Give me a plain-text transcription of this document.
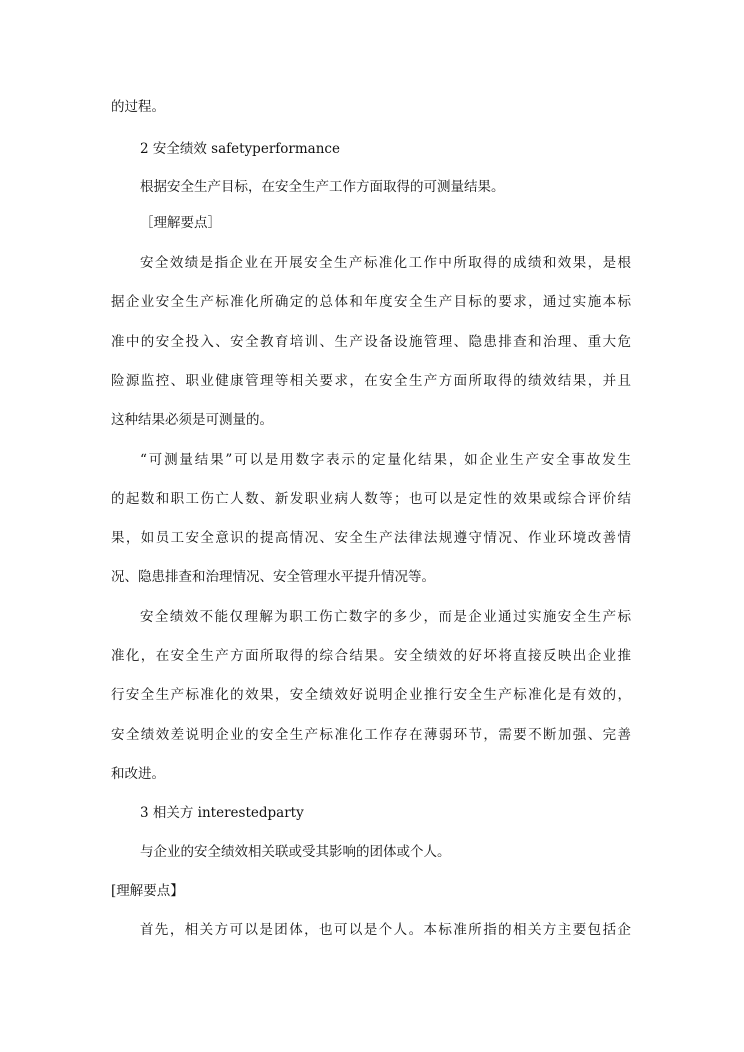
的过程。
2 安全绩效 safetyperformance
根据安全生产目标，在安全生产工作方面取得的可测量结果。
［理解要点］
安全效绩是指企业在开展安全生产标准化工作中所取得的成绩和效果，是根
据企业安全生产标准化所确定的总体和年度安全生产目标的要求，通过实施本标
准中的安全投入、安全教育培训、生产设备设施管理、隐患排查和治理、重大危
险源监控、职业健康管理等相关要求，在安全生产方面所取得的绩效结果，并且
这种结果必须是可测量的。
“可测量结果”可以是用数字表示的定量化结果，如企业生产安全事故发生
的起数和职工伤亡人数、新发职业病人数等；也可以是定性的效果或综合评价结
果，如员工安全意识的提高情况、安全生产法律法规遵守情况、作业环境改善情
况、隐患排查和治理情况、安全管理水平提升情况等。
安全绩效不能仅理解为职工伤亡数字的多少，而是企业通过实施安全生产标
准化，在安全生产方面所取得的综合结果。安全绩效的好坏将直接反映出企业推
行安全生产标准化的效果，安全绩效好说明企业推行安全生产标准化是有效的，
安全绩效差说明企业的安全生产标准化工作存在薄弱环节，需要不断加强、完善
和改进。
3 相关方 interestedparty
与企业的安全绩效相关联或受其影响的团体或个人。
[理解要点】
首先，相关方可以是团体，也可以是个人。本标准所指的相关方主要包括企
